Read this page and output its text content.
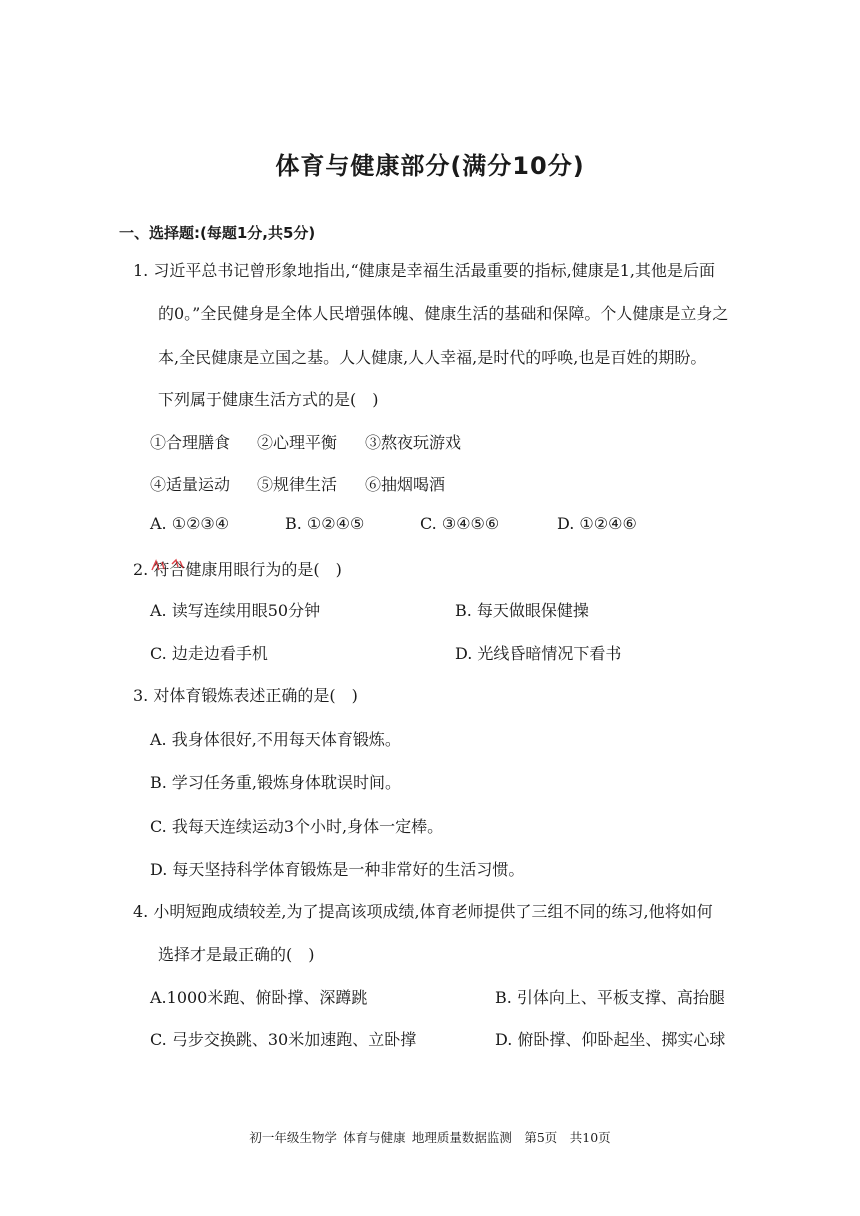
体育与健康部分(满分10分)
一、选择题:(每题1分,共5分)
1. 习近平总书记曾形象地指出,“健康是幸福生活最重要的指标,健康是1,其他是后面
的0。”全民健身是全体人民增强体魄、健康生活的基础和保障。个人健康是立身之
本,全民健康是立国之基。人人健康,人人幸福,是时代的呼唤,也是百姓的期盼。
下列属于健康生活方式的是(　)
①合理膳食 ②心理平衡 ③熬夜玩游戏
④适量运动 ⑤规律生活 ⑥抽烟喝酒
A. ①②③④	B. ①②④⑤	C. ③④⑤⑥	D. ①②④⑥
2. 符合健康用眼行为的是(　)
A. 读写连续用眼50分钟	B. 每天做眼保健操
C. 边走边看手机	D. 光线昏暗情况下看书
3. 对体育锻炼表述正确的是(　)
A. 我身体很好,不用每天体育锻炼。
B. 学习任务重,锻炼身体耽误时间。
C. 我每天连续运动3个小时,身体一定棒。
D. 每天坚持科学体育锻炼是一种非常好的生活习惯。
4. 小明短跑成绩较差,为了提高该项成绩,体育老师提供了三组不同的练习,他将如何
选择才是最正确的(　)
A.1000米跑、俯卧撑、深蹲跳	B. 引体向上、平板支撑、高抬腿
C. 弓步交换跳、30米加速跑、立卧撑	D. 俯卧撑、仰卧起坐、掷实心球
初一年级生物学 体育与健康 地理质量数据监测  第5页  共10页
